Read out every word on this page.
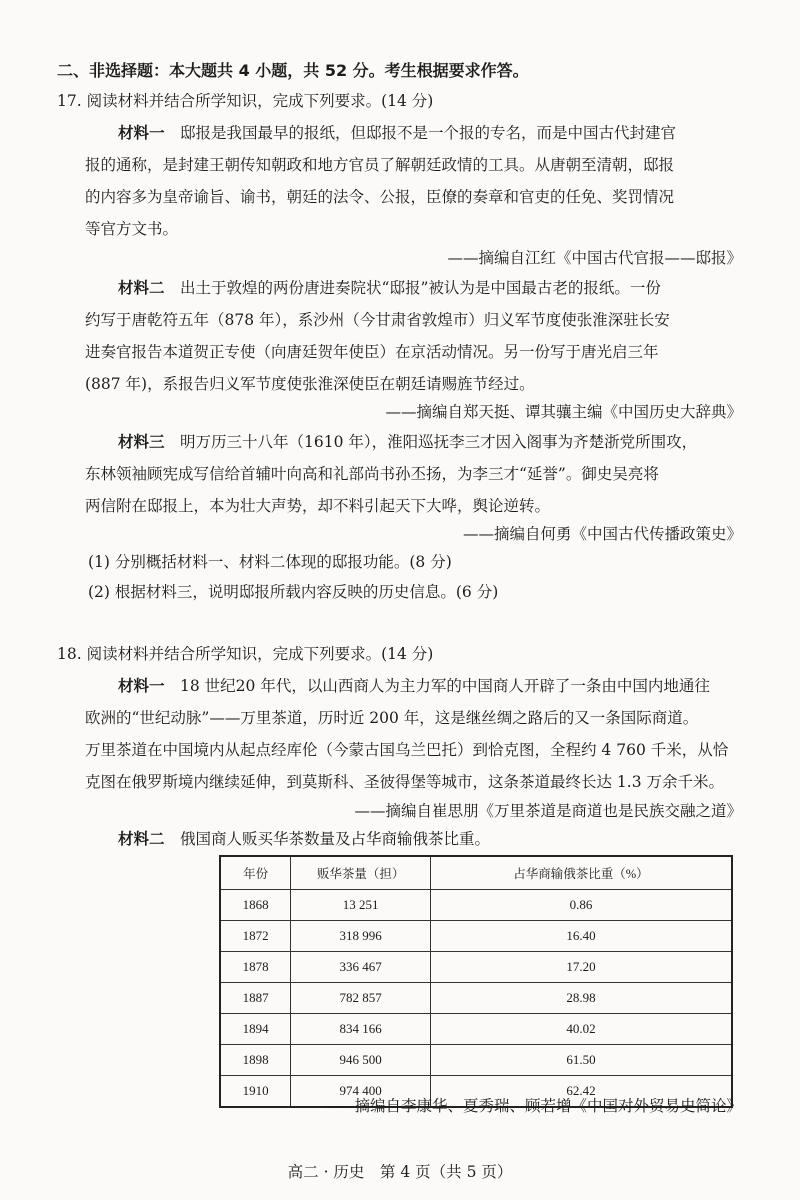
二、非选择题：本大题共 4 小题，共 52 分。考生根据要求作答。
17. 阅读材料并结合所学知识，完成下列要求。(14 分)
材料一　 邸报是我国最早的报纸，但邸报不是一个报的专名，而是中国古代封建官
报的通称，是封建王朝传知朝政和地方官员了解朝廷政情的工具。从唐朝至清朝，邸报
的内容多为皇帝谕旨、谕书，朝廷的法令、公报，臣僚的奏章和官吏的任免、奖罚情况
等官方文书。
——摘编自江红《中国古代官报——邸报》
材料二　 出土于敦煌的两份唐进奏院状“邸报”被认为是中国最古老的报纸。一份
约写于唐乾符五年（878 年），系沙州（今甘肃省敦煌市）归义军节度使张淮深驻长安
进奏官报告本道贺正专使（向唐廷贺年使臣）在京活动情况。另一份写于唐光启三年
(887 年)，系报告归义军节度使张淮深使臣在朝廷请赐旌节经过。
——摘编自郑天挺、谭其骧主编《中国历史大辞典》
材料三　 明万历三十八年（1610 年），淮阳巡抚李三才因入阁事为齐楚浙党所围攻，
东林领袖顾宪成写信给首辅叶向高和礼部尚书孙丕扬，为李三才“延誉”。御史吴亮将
两信附在邸报上，本为壮大声势，却不料引起天下大哗，舆论逆转。
——摘编自何勇《中国古代传播政策史》
(1) 分别概括材料一、材料二体现的邸报功能。(8 分)
(2) 根据材料三，说明邸报所载内容反映的历史信息。(6 分)
18. 阅读材料并结合所学知识，完成下列要求。(14 分)
材料一　 18 世纪20 年代，以山西商人为主力军的中国商人开辟了一条由中国内地通往
欧洲的“世纪动脉”——万里茶道，历时近 200 年，这是继丝绸之路后的又一条国际商道。
万里茶道在中国境内从起点经库伦（今蒙古国乌兰巴托）到恰克图，全程约 4 760 千米，从恰
克图在俄罗斯境内继续延伸，到莫斯科、圣彼得堡等城市，这条茶道最终长达 1.3 万余千米。
——摘编自崔思朋《万里茶道是商道也是民族交融之道》
材料二　 俄国商人贩买华茶数量及占华商输俄茶比重。
年份	贩华茶量（担）	占华商输俄茶比重（%）
1868	13 251	0.86
1872	318 996	16.40
1878	336 467	17.20
1887	782 857	28.98
1894	834 166	40.02
1898	946 500	61.50
1910	974 400	62.42
——摘编自李康华、夏秀瑞、顾若增《中国对外贸易史简论》
高二 · 历史　第 4 页（共 5 页）
